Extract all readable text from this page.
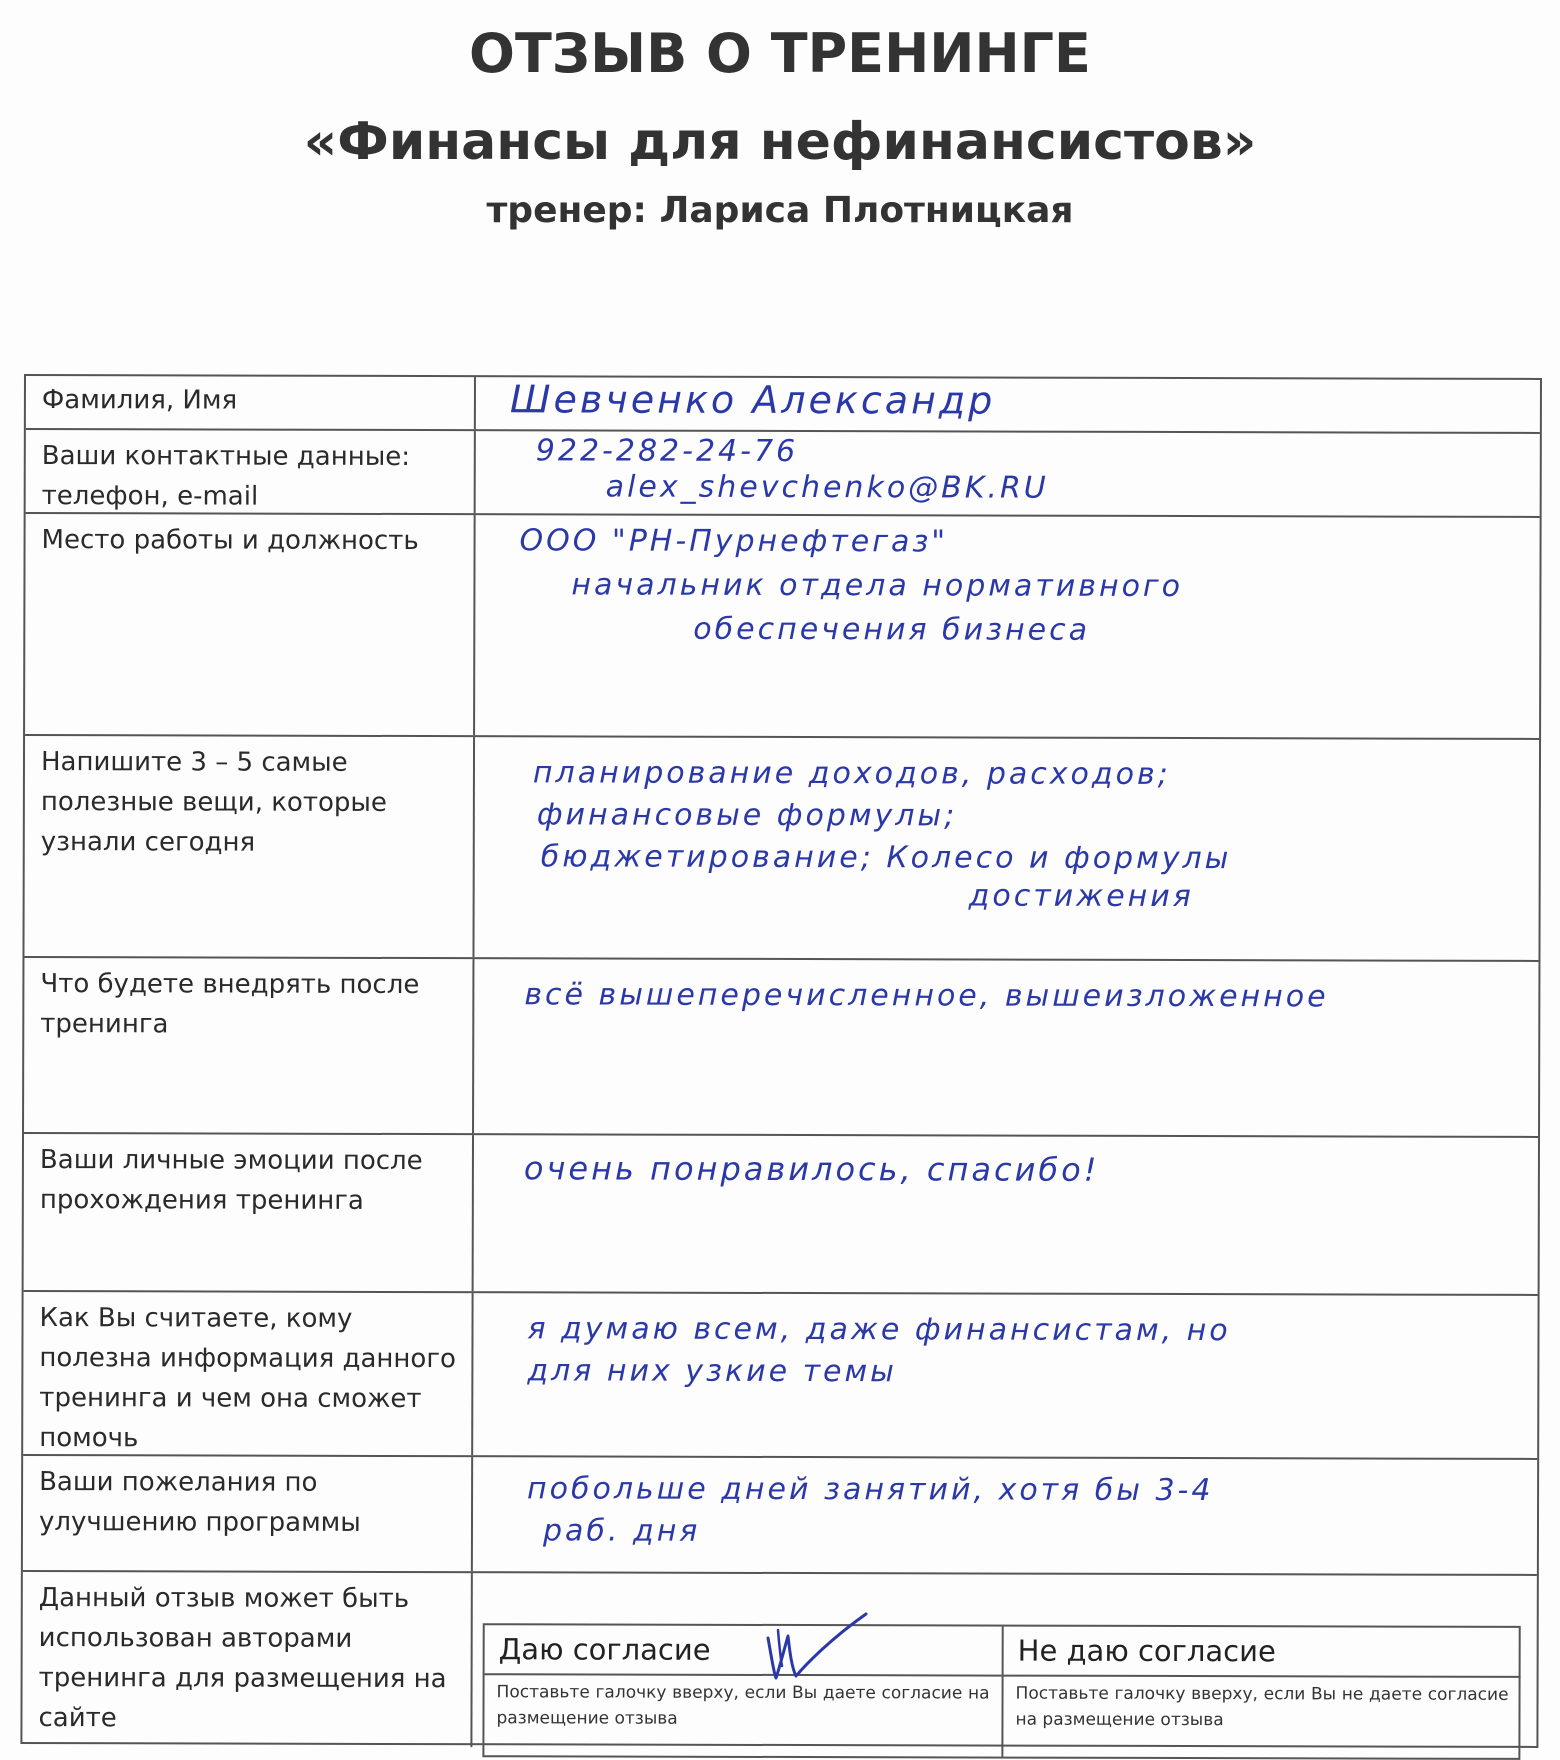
ОТЗЫВ О ТРЕНИНГЕ
«Финансы для нефинансистов»
тренер: Лариса Плотницкая
Фамилия, Имя	Шевченко Александр
Ваши контактные данные: телефон, e-mail
922-282-24-76
alex_shevchenko@BK.RU
Место работы и должность	ООО "РН-Пурнефтегаз"
начальник отдела нормативного
обеспечения бизнеса
Напишите 3 – 5 самые полезные вещи, которые узнали сегодня
планирование доходов, расходов;
финансовые формулы;
бюджетирование; Колесо и формулы
достижения
Что будете внедрять после тренинга
всё вышеперечисленное, вышеизложенное
Ваши личные эмоции после прохождения тренинга
очень понравилось, спасибо!
Как Вы считаете, кому полезна информация данного тренинга и чем она сможет помочь
я думаю всем, даже финансистам, но
для них узкие темы
Ваши пожелания по улучшению программы
побольше дней занятий, хотя бы 3-4
раб. дня
Данный отзыв может быть использован авторами тренинга для размещения на сайте
Даю согласие
Поставьте галочку вверху, если Вы даете согласие на размещение отзыва
Не даю согласие
Поставьте галочку вверху, если Вы не даете согласие на размещение отзыва
